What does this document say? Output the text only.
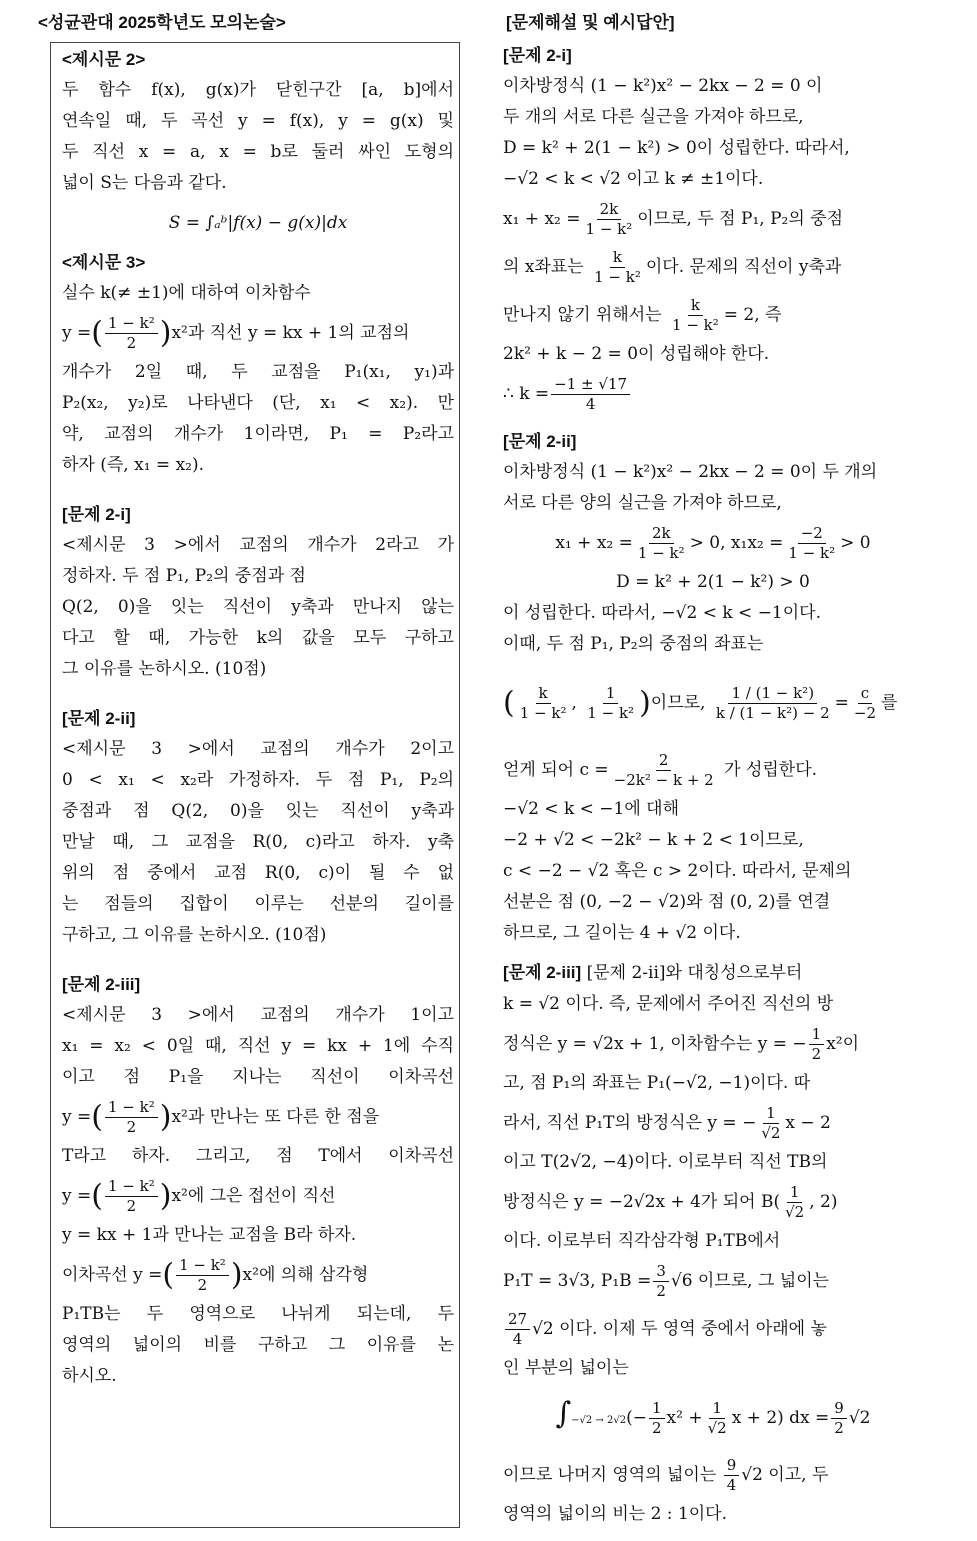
<성균관대 2025학년도 모의논술>	[문제해설 및 예시답안]

<제시문 2>

두 함수 f(x), g(x)가 닫힌구간 [a, b]에서

연속일 때, 두 곡선 y = f(x), y = g(x) 및

두 직선 x = a, x = b로 둘러 싸인 도형의

넓이 S는 다음과 같다.

S = ∫ₐᵇ|f(x) − g(x)|dx

<제시문 3>

실수 k(≠ ±1)에 대하여 이차함수

y =( $\frac{\text{1 − k²}}{2} )x^2$과 직선 y = kx + 1의 교점의

개수가 2일 때, 두 교점을 P₁(x₁, y₁)과

P₂(x₂, y₂)로 나타낸다 (단, x₁ < x₂). 만

약, 교점의 개수가 1이라면, P₁ = P₂라고

하자 (즉, x₁ = x₂).

[문제 2-i]

<제시문 3 >에서 교점의 개수가 2라고 가

정하자. 두 점 P₁, P₂의 중점과 점

Q(2, 0)을 잇는 직선이 y축과 만나지 않는

다고 할 때, 가능한 k의 값을 모두 구하고

그 이유를 논하시오. (10점)

[문제 2-ii]

<제시문 3 >에서 교점의 개수가 2이고

0 < x₁ < x₂라 가정하자. 두 점 P₁, P₂의

중점과 점 Q(2, 0)을 잇는 직선이 y축과

만날 때, 그 교점을 R(0, c)라고 하자. y축

위의 점 중에서 교점 R(0, c)이 될 수 없

는 점들의 집합이 이루는 선분의 길이를

구하고, 그 이유를 논하시오. (10점)

[문제 2-iii]

<제시문 3 >에서 교점의 개수가 1이고

x₁ = x₂ < 0일 때, 직선 y = kx + 1에 수직

이고 점 P₁을 지나는 직선이 이차곡선

y =( $\frac{\text{1 − k²}}{2} )x^2$과 만나는 또 다른 한 점을

T라고 하자. 그리고, 점 T에서 이차곡선

y =( $\frac{\text{1 − k²}}{2} )x^2$에 그은 접선이 직선

y = kx + 1과 만나는 교점을 B라 하자.

이차곡선 y =( $\frac{\text{1 − k²}}{2} )x^2$에 의해 삼각형

P₁TB는 두 영역으로 나뉘게 되는데, 두

영역의 넓이의 비를 구하고 그 이유를 논

하시오.

[문제 2-i]

이차방정식 (1 − k²)x² − 2kx − 2 = 0 이

두 개의 서로 다른 실근을 가져야 하므로,

D = k² + 2(1 − k²) > 0이 성립한다. 따라서,

−√2 < k < √2 이고 k ≠ ±1이다.

$x_1 + x_2 = \frac{2k}{\text{1 − k²}}$ 이므로, 두 점 P₁, P₂의 중점

의 x좌표는 $\frac{k}{\text{1 − k²}}$ 이다. 문제의 직선이 y축과

만나지 않기 위해서는 $\frac{k}{\text{1 − k²}} = 2$, 즉

2k² + k − 2 = 0이 성립해야 한다.

∴ $k = \frac{-1 \pm √17}{4}$

[문제 2-ii]

이차방정식 (1 − k²)x² − 2kx − 2 = 0이 두 개의

서로 다른 양의 실근을 가져야 하므로,

$x_1 + x_2 = \frac{2k}{\text{1 − k²}} > 0$, $x_1x_2 = \frac{-2}{\text{1 − k²}} > 0$

D = k² + 2(1 − k²) > 0

이 성립한다. 따라서, −√2 < k < −1이다.

이때, 두 점 P₁, P₂의 중점의 좌표는

( $\frac{k}{\text{1 − k²}}$ , $\frac{1}{\text{1 − k²}}$ )이므로, $\frac{\text{1 / (1 − k²)}}{\text{k / (1 − k²) − 2}} = \frac{c}{-2}$ 를

얻게 되어 $c = \frac{2}{\text{−2k² − k + 2}}$ 가 성립한다.

−√2 < k < −1에 대해

−2 + √2 < −2k² − k + 2 < 1이므로,

c < −2 − √2 혹은 c > 2이다. 따라서, 문제의

선분은 점 (0, −2 − √2)와 점 (0, 2)를 연결

하므로, 그 길이는 4 + √2 이다.

[문제 2-iii] [문제 2-ii]와 대칭성으로부터

k = √2 이다. 즉, 문제에서 주어진 직선의 방

정식은 y = √2x + 1, 이차함수는 y = − $\frac{1}{2} x^2$이

고, 점 P₁의 좌표는 P₁(−√2, −1)이다. 따

라서, 직선 P₁T의 방정식은 y = − $\frac{1}{√2}$ x − 2

이고 T(2√2, −4)이다. 이로부터 직선 TB의

방정식은 y = −2√2x + 4가 되어 $B( \frac{1}{√2}$ , 2)

이다. 이로부터 직각삼각형 P₁TB에서

P₁T = 3√3, $P_1B = \frac{3}{2} √6$ 이므로, 그 넓이는

$\frac{27}{4} √2$ 이다. 이제 두 영역 중에서 아래에 놓

인 부분의 넓이는

$\int-√2 \to 2√2(- \frac{1}{2} x^2 + \frac{1}{√2}$ x + 2) dx = $\frac{9}{2} √2$

이므로 나머지 영역의 넓이는 $\frac{9}{4} √2$ 이고, 두

영역의 넓이의 비는 2 : 1이다.
